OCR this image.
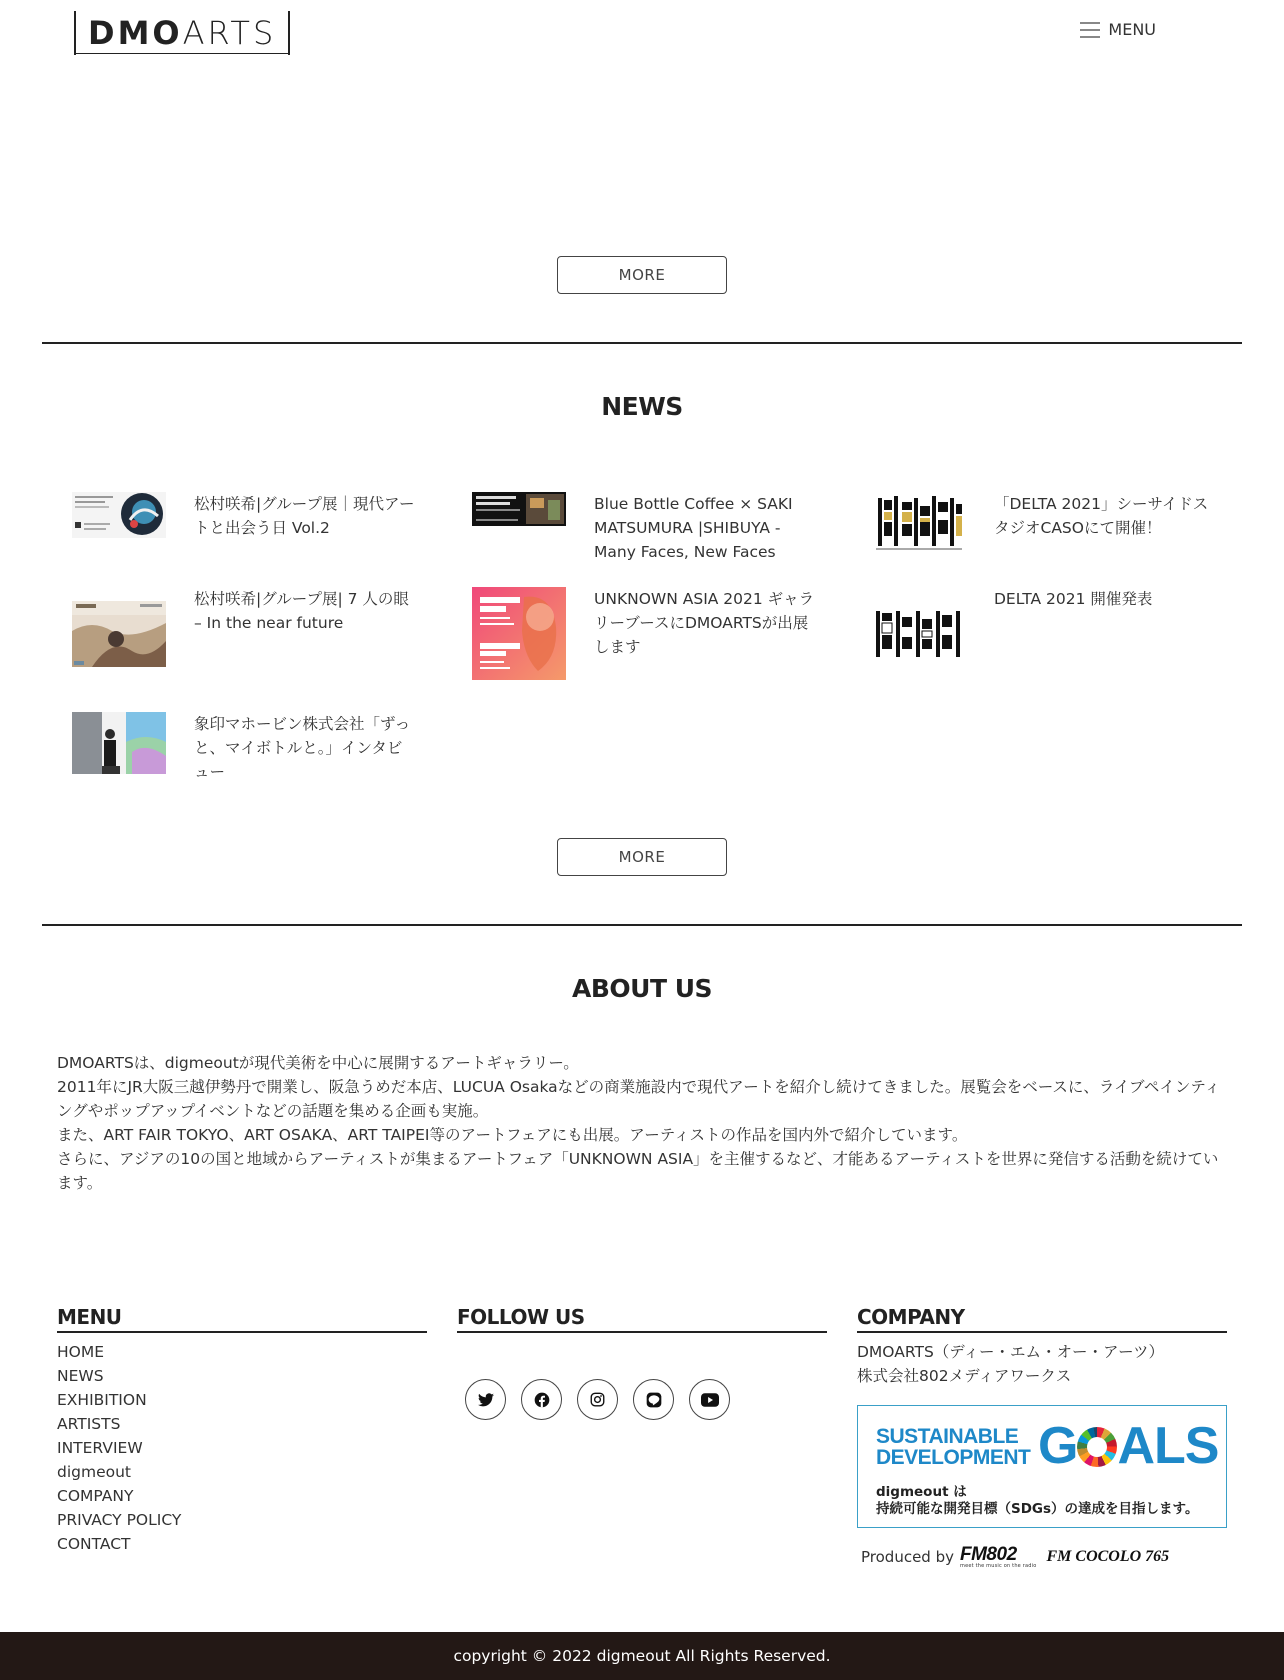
DMOARTS	MENU
MORE
NEWS
松村咲希|グループ展｜現代アートと出会う日 Vol.2
Blue Bottle Coffee × SAKI MATSUMURA |SHIBUYA - Many Faces, New Faces
「DELTA 2021」シーサイドスタジオCASOにて開催！
松村咲希|グループ展| 7 人の眼 – In the near future
UNKNOWN ASIA 2021 ギャラリーブースにDMOARTSが出展します
DELTA 2021 開催発表
象印マホービン株式会社「ずっと、マイボトルと。」インタビュー
MORE
ABOUT US

DMOARTSは、digmeoutが現代美術を中心に展開するアートギャラリー。

2011年にJR大阪三越伊勢丹で開業し、阪急うめだ本店、LUCUA Osakaなどの商業施設内で現代アートを紹介し続けてきました。展覧会をベースに、ライブペインティングやポップアップイベントなどの話題を集める企画も実施。

また、ART FAIR TOKYO、ART OSAKA、ART TAIPEI等のアートフェアにも出展。アーティストの作品を国内外で紹介しています。

さらに、アジアの10の国と地域からアーティストが集まるアートフェア「UNKNOWN ASIA」を主催するなど、才能あるアーティストを世界に発信する活動を続けています。

MENU
HOME
NEWS
EXHIBITION
ARTISTS
INTERVIEW
digmeout
COMPANY
PRIVACY POLICY
CONTACT
FOLLOW US	COMPANY

DMOARTS（ディー・エム・オー・アーツ）

株式会社802メディアワークス

SUSTAINABLE
DEVELOPMENT G ALS
digmeout は
持続可能な開発目標（SDGs）の達成を目指します。
Produced by FM802
meet the music on the radio
FM COCOLO 765
copyright © 2022 digmeout All Rights Reserved.
